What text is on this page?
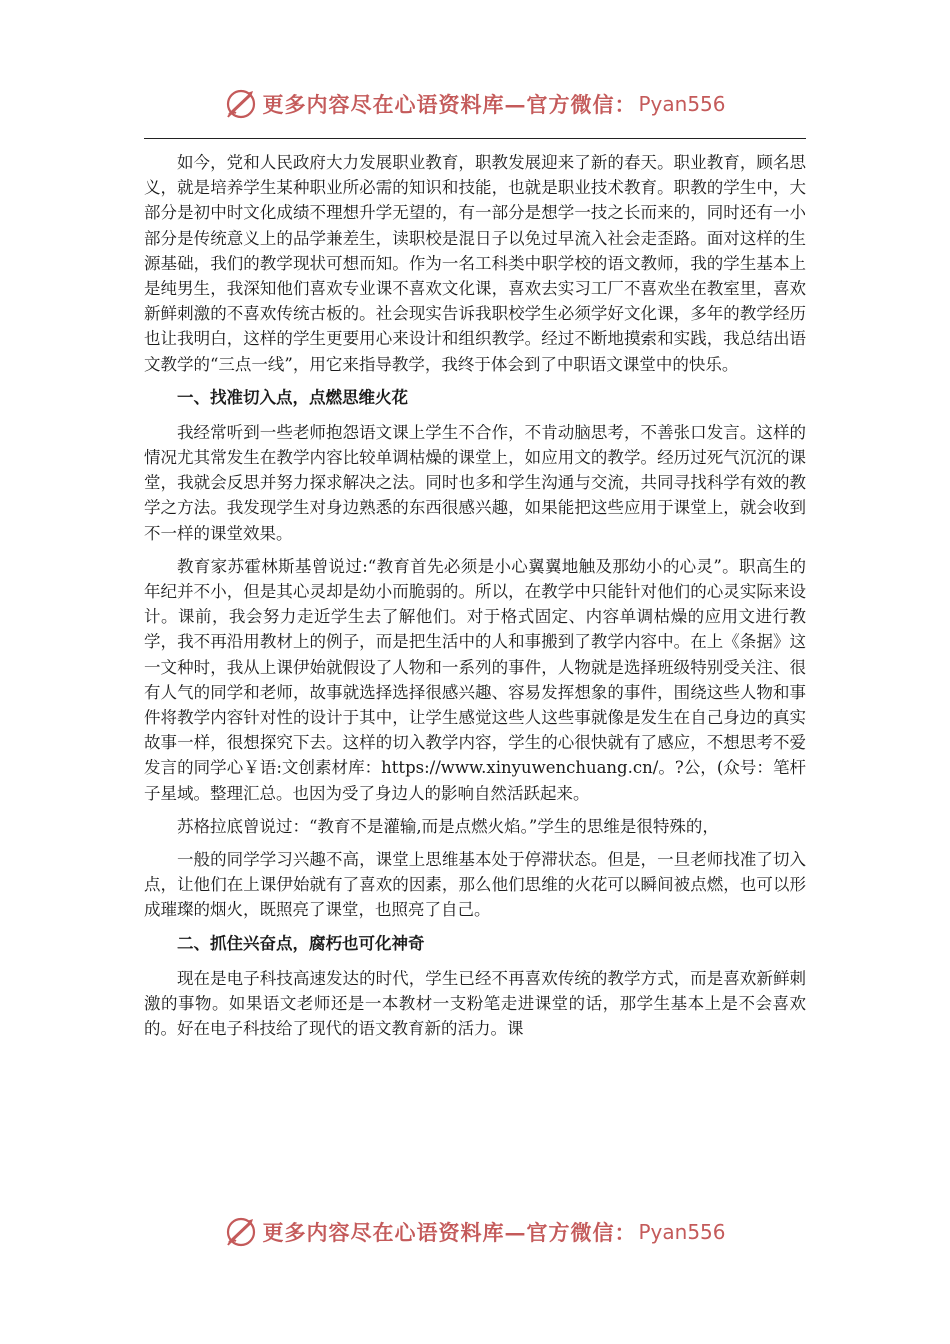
更多内容尽在心语资料库—官方微信： Pyan556

如今，党和人民政府大力发展职业教育，职教发展迎来了新的春天。职业教育，顾名思义，就是培养学生某种职业所必需的知识和技能，也就是职业技术教育。职教的学生中，大部分是初中时文化成绩不理想升学无望的，有一部分是想学一技之长而来的，同时还有一小部分是传统意义上的品学兼差生，读职校是混日子以免过早流入社会走歪路。面对这样的生源基础，我们的教学现状可想而知。作为一名工科类中职学校的语文教师，我的学生基本上是纯男生，我深知他们喜欢专业课不喜欢文化课，喜欢去实习工厂不喜欢坐在教室里，喜欢新鲜刺激的不喜欢传统古板的。社会现实告诉我职校学生必须学好文化课，多年的教学经历也让我明白，这样的学生更要用心来设计和组织教学。经过不断地摸索和实践，我总结出语文教学的“三点一线”，用它来指导教学，我终于体会到了中职语文课堂中的快乐。

一、找准切入点，点燃思维火花

我经常听到一些老师抱怨语文课上学生不合作，不肯动脑思考，不善张口发言。这样的情况尤其常发生在教学内容比较单调枯燥的课堂上，如应用文的教学。经历过死气沉沉的课堂，我就会反思并努力探求解决之法。同时也多和学生沟通与交流，共同寻找科学有效的教学之方法。我发现学生对身边熟悉的东西很感兴趣，如果能把这些应用于课堂上，就会收到不一样的课堂效果。

教育家苏霍林斯基曾说过:“教育首先必须是小心翼翼地触及那幼小的心灵”。职高生的年纪并不小，但是其心灵却是幼小而脆弱的。所以，在教学中只能针对他们的心灵实际来设计。课前，我会努力走近学生去了解他们。对于格式固定、内容单调枯燥的应用文进行教学，我不再沿用教材上的例子，而是把生活中的人和事搬到了教学内容中。在上《条据》这一文种时，我从上课伊始就假设了人物和一系列的事件，人物就是选择班级特别受关注、很有人气的同学和老师，故事就选择选择很感兴趣、容易发挥想象的事件，围绕这些人物和事件将教学内容针对性的设计于其中，让学生感觉这些人这些事就像是发生在自己身边的真实故事一样，很想探究下去。这样的切入教学内容，学生的心很快就有了感应，不想思考不爱发言的同学心￥语:文创素材库：https://www.xinyuwenchuang.cn/。?公，(众号：笔杆子星域。整理汇总。也因为受了身边人的影响自然活跃起来。

苏格拉底曾说过：“教育不是灌输,而是点燃火焰。”学生的思维是很特殊的，

一般的同学学习兴趣不高，课堂上思维基本处于停滞状态。但是，一旦老师找准了切入点，让他们在上课伊始就有了喜欢的因素，那么他们思维的火花可以瞬间被点燃，也可以形成璀璨的烟火，既照亮了课堂，也照亮了自己。

二、抓住兴奋点，腐朽也可化神奇

现在是电子科技高速发达的时代，学生已经不再喜欢传统的教学方式，而是喜欢新鲜刺激的事物。如果语文老师还是一本教材一支粉笔走进课堂的话，那学生基本上是不会喜欢的。好在电子科技给了现代的语文教育新的活力。课

更多内容尽在心语资料库—官方微信： Pyan556
